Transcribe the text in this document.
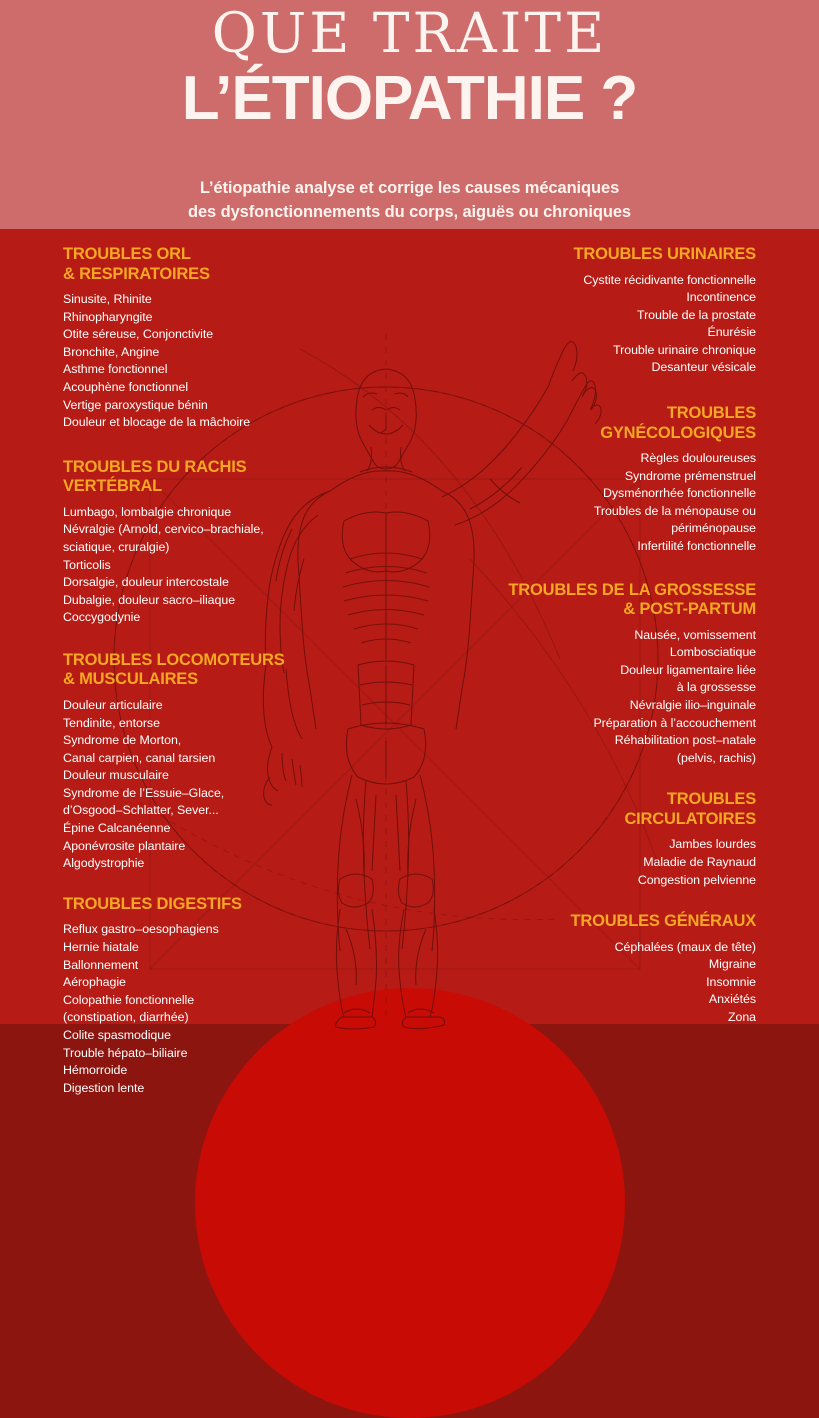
QUE TRAITE
L’ÉTIOPATHIE ?
L’étiopathie analyse et corrige les causes mécaniques
des dysfonctionnements du corps, aiguës ou chroniques
TROUBLES ORL
& RESPIRATOIRES
Sinusite, Rhinite
Rhinopharyngite
Otite séreuse, Conjonctivite
Bronchite, Angine
Asthme fonctionnel
Acouphène fonctionnel
Vertige paroxystique bénin
Douleur et blocage de la mâchoire
TROUBLES DU RACHIS
VERTÉBRAL
Lumbago, lombalgie chronique
Névralgie (Arnold, cervico–brachiale,
sciatique, cruralgie)
Torticolis
Dorsalgie, douleur intercostale
Dubalgie, douleur sacro–iliaque
Coccygodynie
TROUBLES LOCOMOTEURS
& MUSCULAIRES
Douleur articulaire
Tendinite, entorse
Syndrome de Morton,
Canal carpien, canal tarsien
Douleur musculaire
Syndrome de l’Essuie–Glace,
d’Osgood–Schlatter, Sever...
Épine Calcanéenne
Aponévrosite plantaire
Algodystrophie
TROUBLES DIGESTIFS
Reflux gastro–oesophagiens
Hernie hiatale
Ballonnement
Aérophagie
Colopathie fonctionnelle
(constipation, diarrhée)
Colite spasmodique
Trouble hépato–biliaire
Hémorroide
Digestion lente
TROUBLES URINAIRES
Cystite récidivante fonctionnelle
Incontinence
Trouble de la prostate
Énurésie
Trouble urinaire chronique
Desanteur vésicale
TROUBLES
GYNÉCOLOGIQUES
Règles douloureuses
Syndrome prémenstruel
Dysménorrhée fonctionnelle
Troubles de la ménopause ou
périménopause
Infertilité fonctionnelle
TROUBLES DE LA GROSSESSE
& POST-PARTUM
Nausée, vomissement
Lombosciatique
Douleur ligamentaire liée
à la grossesse
Névralgie ilio–inguinale
Préparation à l’accouchement
Réhabilitation post–natale
(pelvis, rachis)
TROUBLES
CIRCULATOIRES
Jambes lourdes
Maladie de Raynaud
Congestion pelvienne
TROUBLES GÉNÉRAUX
Céphalées (maux de tête)
Migraine
Insomnie
Anxiétés
Zona
